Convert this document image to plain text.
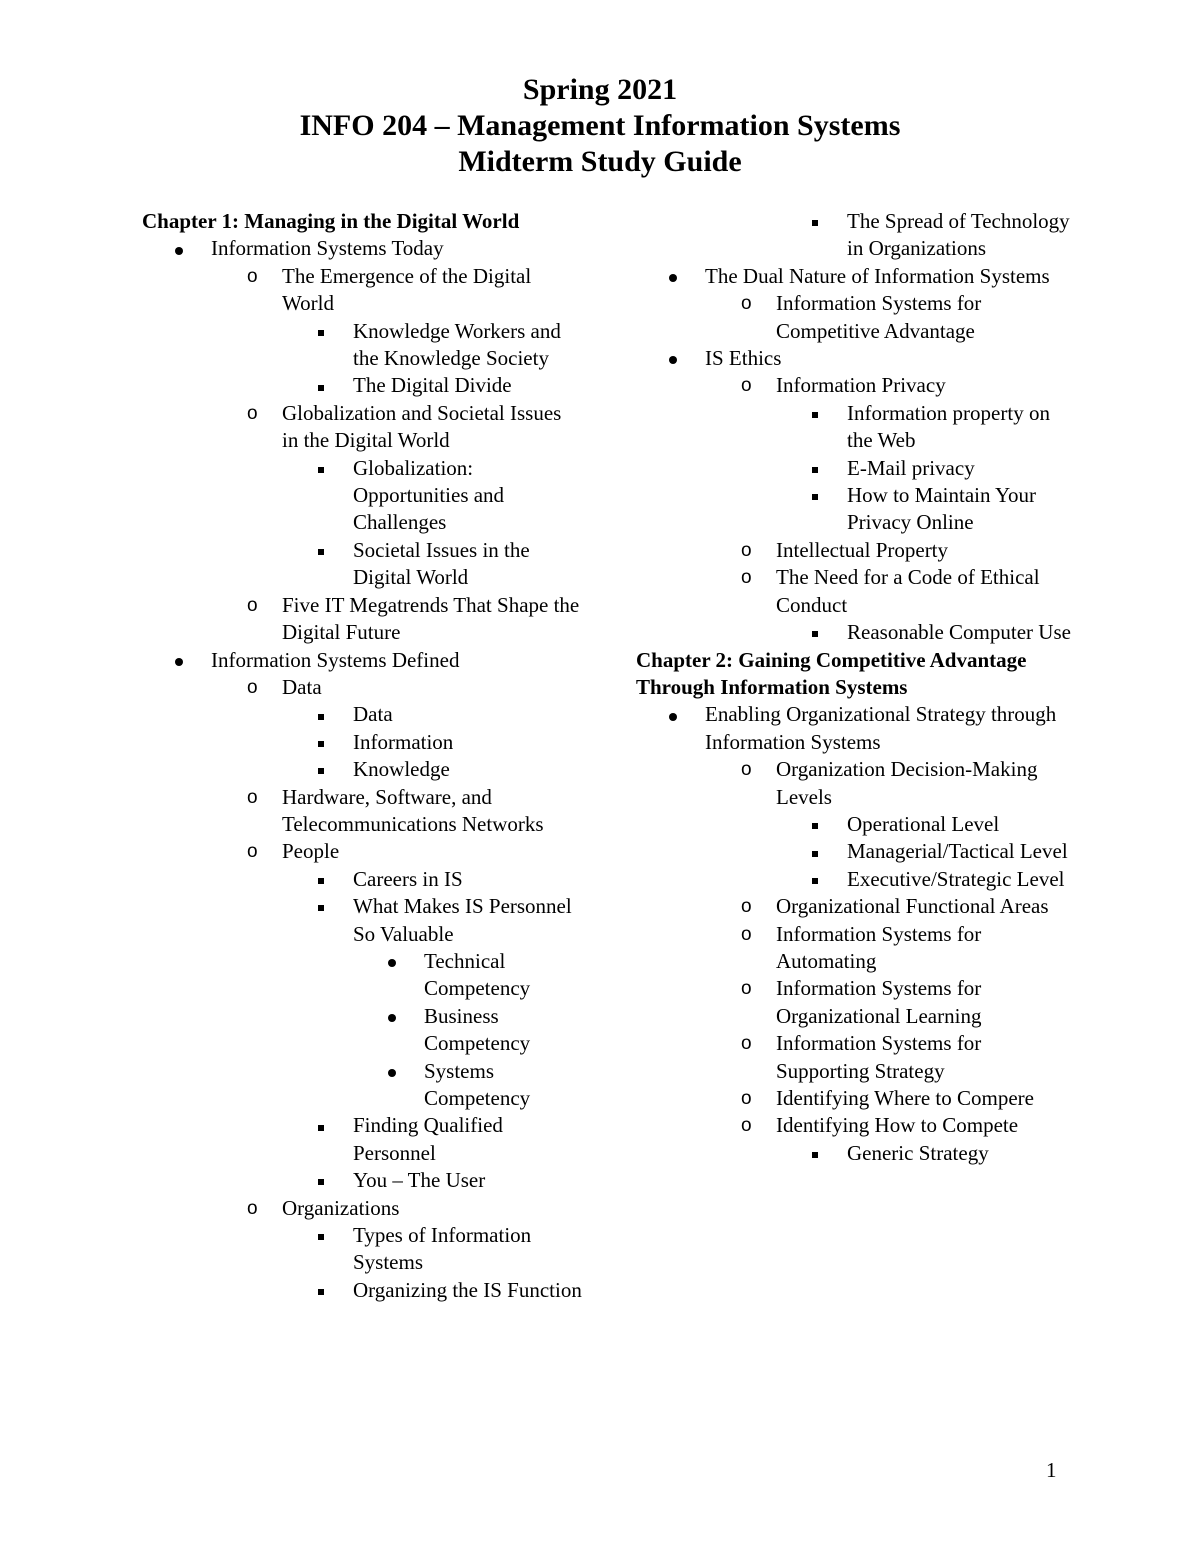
Spring 2021
INFO 204 – Management Information Systems
Midterm Study Guide
Chapter 1: Managing in the Digital World
Information Systems Today
o The Emergence of the Digital World
Knowledge Workers and the Knowledge Society
The Digital Divide
o Globalization and Societal Issues in the Digital World
Globalization: Opportunities and Challenges
Societal Issues in the Digital World
o Five IT Megatrends That Shape the Digital Future
Information Systems Defined
o Data
Data
Information
Knowledge
o Hardware, Software, and Telecommunications Networks
o People
Careers in IS
What Makes IS Personnel So Valuable
Technical Competency
Business Competency
Systems Competency
Finding Qualified Personnel
You – The User
o Organizations
Types of Information Systems
Organizing the IS Function
The Spread of Technology in Organizations
The Dual Nature of Information Systems
o Information Systems for Competitive Advantage
IS Ethics
o Information Privacy
Information property on the Web
E-Mail privacy
How to Maintain Your Privacy Online
o Intellectual Property
o The Need for a Code of Ethical Conduct
Reasonable Computer Use
Chapter 2: Gaining Competitive Advantage Through Information Systems
Enabling Organizational Strategy through Information Systems
o Organization Decision-Making Levels
Operational Level
Managerial/Tactical Level
Executive/Strategic Level
o Organizational Functional Areas
o Information Systems for Automating
o Information Systems for Organizational Learning
o Information Systems for Supporting Strategy
o Identifying Where to Compere
o Identifying How to Compete
Generic Strategy
1
